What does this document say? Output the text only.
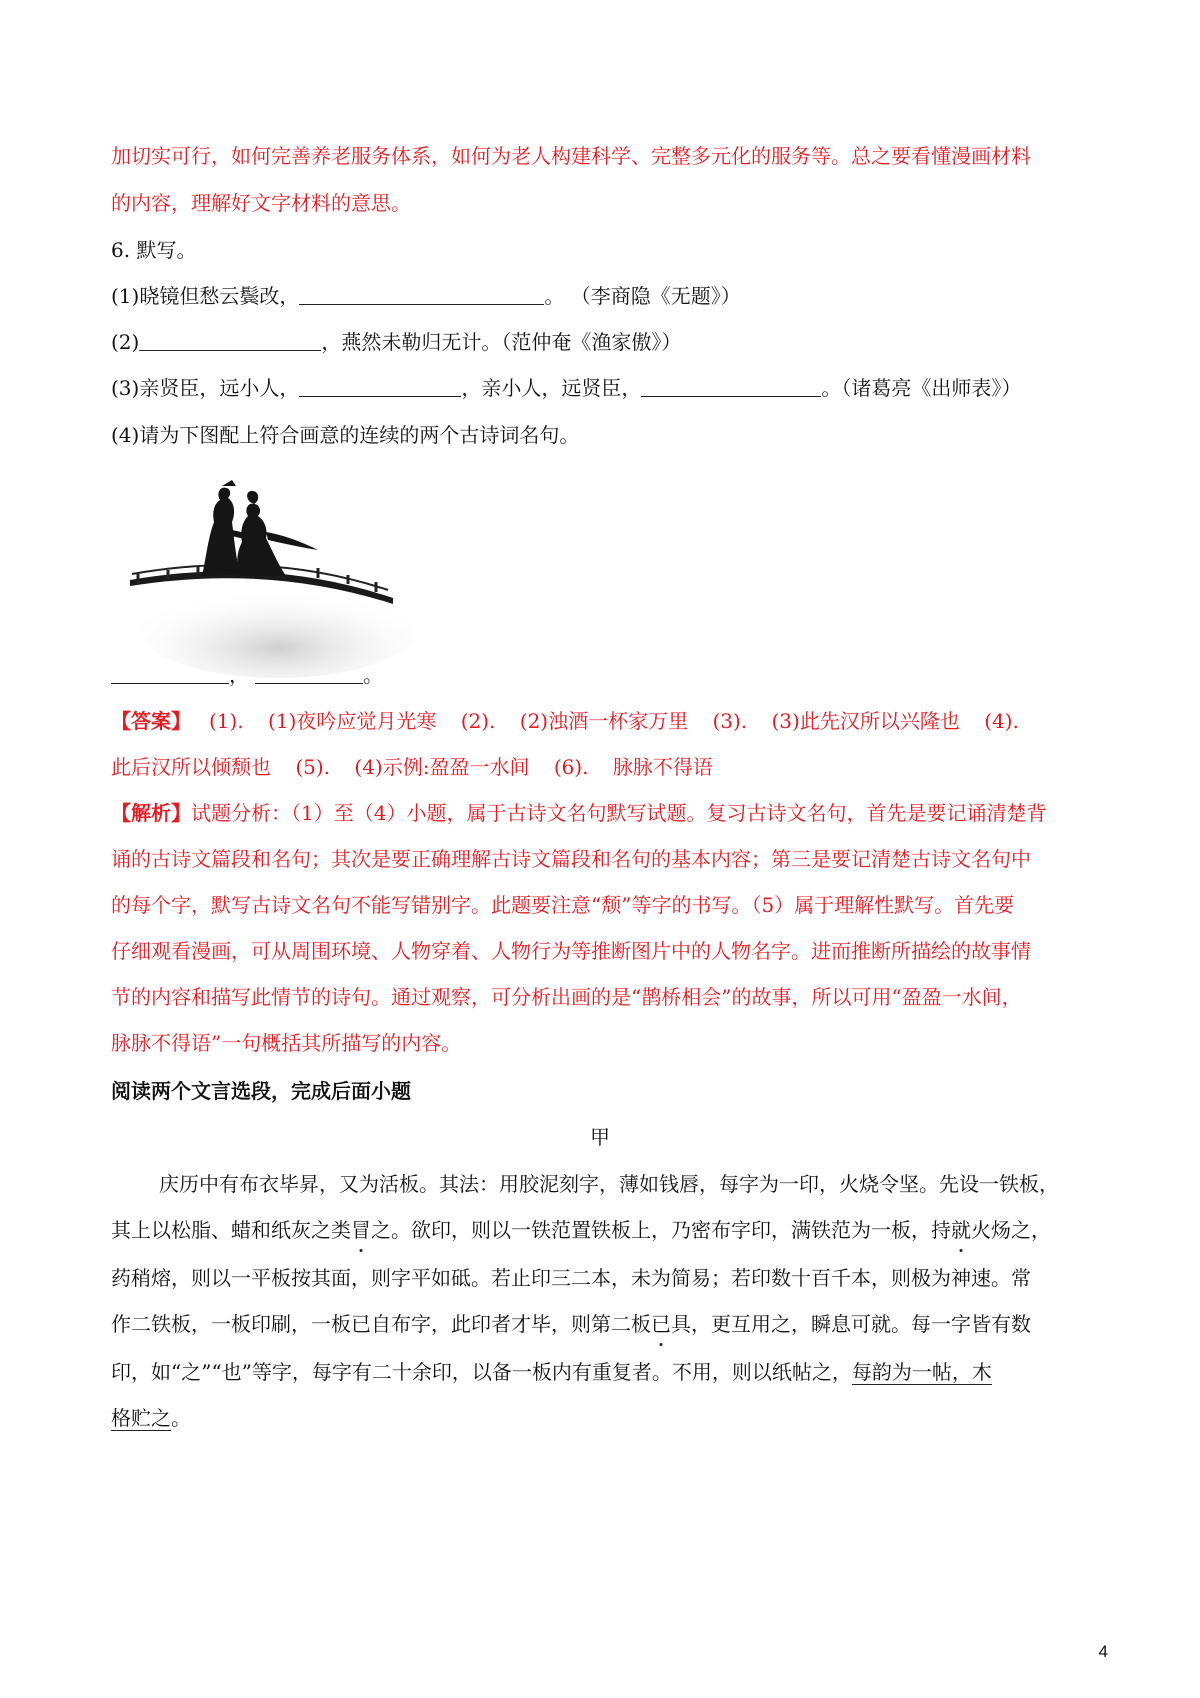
加切实可行，如何完善养老服务体系，如何为老人构建科学、完整多元化的服务等。总之要看懂漫画材料
的内容，理解好文字材料的意思。
6. 默写。
(1)晓镜但愁云鬓改，	。 （李商隐《无题》）
(2)	，燕然未勒归无计。（范仲奄《渔家傲》）
(3)亲贤臣，远小人，	，亲小人，远贤臣，	。（诸葛亮《出师表》）
(4)请为下图配上符合画意的连续的两个古诗词名句。
，	。
【答案】 (1). (1)夜吟应觉月光寒 (2). (2)浊酒一杯家万里 (3). (3)此先汉所以兴隆也 (4).
此后汉所以倾颓也 (5). (4)示例:盈盈一水间 (6). 脉脉不得语
【解析】试题分析：（1）至（4）小题，属于古诗文名句默写试题。复习古诗文名句，首先是要记诵清楚背
诵的古诗文篇段和名句；其次是要正确理解古诗文篇段和名句的基本内容；第三是要记清楚古诗文名句中
的每个字，默写古诗文名句不能写错别字。此题要注意“颓”等字的书写。（5）属于理解性默写。首先要
仔细观看漫画，可从周围环境、人物穿着、人物行为等推断图片中的人物名字。进而推断所描绘的故事情
节的内容和描写此情节的诗句。通过观察，可分析出画的是“鹊桥相会”的故事，所以可用“盈盈一水间，
脉脉不得语”一句概括其所描写的内容。
阅读两个文言选段，完成后面小题
甲
庆历中有布衣毕昇，又为活板。其法：用胶泥刻字，薄如钱唇，每字为一印，火烧令坚。先设一铁板，
其上以松脂、蜡和纸灰之类冒之。欲印，则以一铁范置铁板上，乃密布字印，满铁范为一板，持就火炀之，
药稍熔，则以一平板按其面，则字平如砥。若止印三二本，未为简易；若印数十百千本，则极为神速。常
作二铁板，一板印刷，一板已自布字，此印者才毕，则第二板已具，更互用之，瞬息可就。每一字皆有数
印，如“之”“也”等字，每字有二十余印，以备一板内有重复者。不用，则以纸帖之，每韵为一帖，木
格贮之。
4
